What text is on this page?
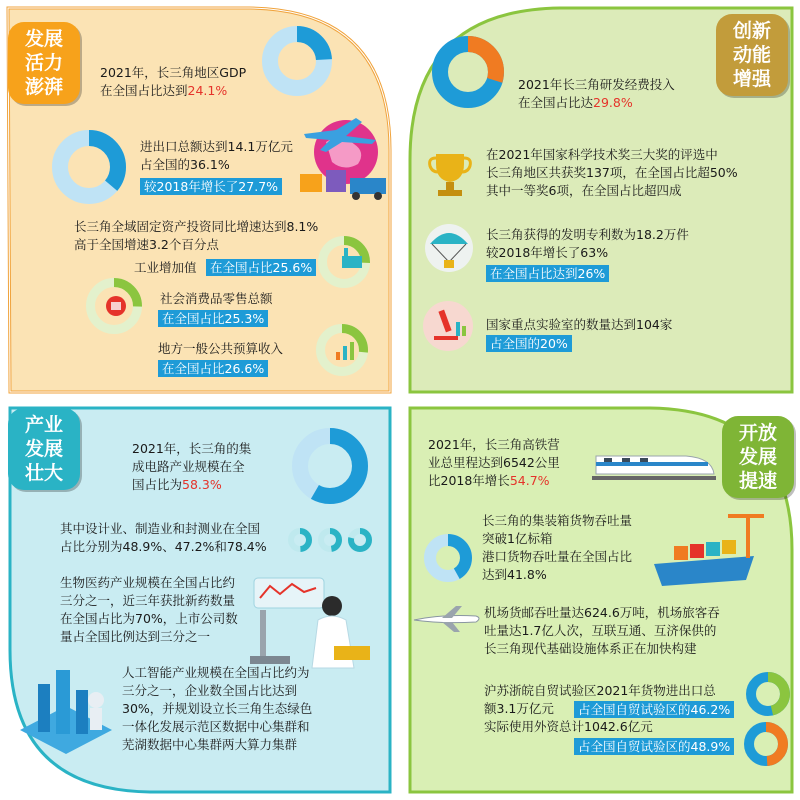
发展
活力
澎湃
创新
动能
增强
产业
发展
壮大
开放
发展
提速
2021年，长三角地区GDP
在全国占比达到24.1%
进出口总额达到14.1万亿元
占全国的36.1%
较2018年增长了27.7%
长三角全域固定资产投资同比增速达到8.1%
高于全国增速3.2个百分点
工业增加值	在全国占比25.6%
社会消费品零售总额
在全国占比25.3%
地方一般公共预算收入
在全国占比26.6%
2021年长三角研发经费投入
在全国占比达29.8%
在2021年国家科学技术奖三大奖的评选中
长三角地区共获奖137项，在全国占比超50%
其中一等奖6项，在全国占比超四成
长三角获得的发明专利数为18.2万件
较2018年增长了63%
在全国占比达到26%
国家重点实验室的数量达到104家
占全国的20%
2021年，长三角的集
成电路产业规模在全
国占比为58.3%
其中设计业、制造业和封测业在全国
占比分别为48.9%、47.2%和78.4%
生物医药产业规模在全国占比约
三分之一，近三年获批新药数量
在全国占比为70%，上市公司数
量占全国比例达到三分之一
人工智能产业规模在全国占比约为
三分之一，企业数全国占比达到
30%，并规划设立长三角生态绿色
一体化发展示范区数据中心集群和
芜湖数据中心集群两大算力集群
2021年，长三角高铁营
业总里程达到6542公里
比2018年增长54.7%
长三角的集装箱货物吞吐量
突破1亿标箱
港口货物吞吐量在全国占比
达到41.8%
机场货邮吞吐量达624.6万吨，机场旅客吞
吐量达1.7亿人次，互联互通、互济保供的
长三角现代基础设施体系正在加快构建
沪苏浙皖自贸试验区2021年货物进出口总
额3.1万亿元	占全国自贸试验区的46.2%
实际使用外资总计1042.6亿元
占全国自贸试验区的48.9%
